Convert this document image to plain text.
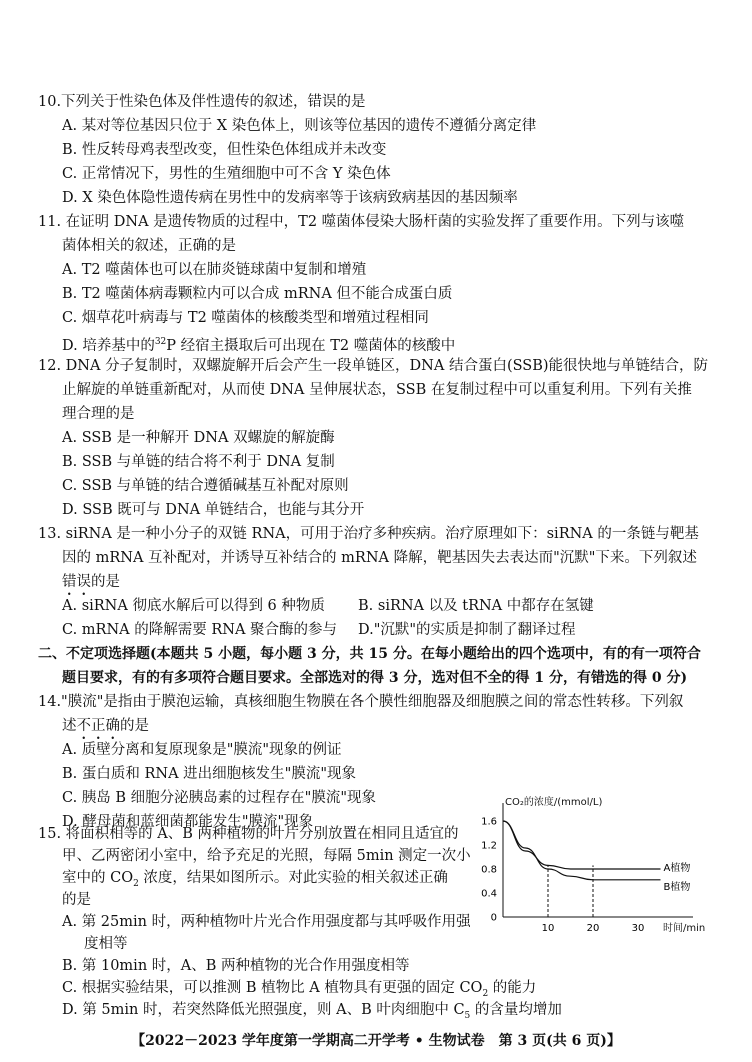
10.下列关于性染色体及伴性遗传的叙述，错误的是
A. 某对等位基因只位于 X 染色体上，则该等位基因的遗传不遵循分离定律
B. 性反转母鸡表型改变，但性染色体组成并未改变
C. 正常情况下，男性的生殖细胞中可不含 Y 染色体
D. X 染色体隐性遗传病在男性中的发病率等于该病致病基因的基因频率
11. 在证明 DNA 是遗传物质的过程中，T2 噬菌体侵染大肠杆菌的实验发挥了重要作用。下列与该噬
菌体相关的叙述，正确的是
A. T2 噬菌体也可以在肺炎链球菌中复制和增殖
B. T2 噬菌体病毒颗粒内可以合成 mRNA 但不能合成蛋白质
C. 烟草花叶病毒与 T2 噬菌体的核酸类型和增殖过程相同
D. 培养基中的$^{32}$P 经宿主摄取后可出现在 T2 噬菌体的核酸中
12. DNA 分子复制时，双螺旋解开后会产生一段单链区，DNA 结合蛋白(SSB)能很快地与单链结合，防
止解旋的单链重新配对，从而使 DNA 呈伸展状态，SSB 在复制过程中可以重复利用。下列有关推
理合理的是
A. SSB 是一种解开 DNA 双螺旋的解旋酶
B. SSB 与单链的结合将不利于 DNA 复制
C. SSB 与单链的结合遵循碱基互补配对原则
D. SSB 既可与 DNA 单链结合，也能与其分开
13. siRNA 是一种小分子的双链 RNA，可用于治疗多种疾病。治疗原理如下：siRNA 的一条链与靶基
因的 mRNA 互补配对，并诱导互补结合的 mRNA 降解，靶基因失去表达而"沉默"下来。下列叙述
错误的是
A. siRNA 彻底水解后可以得到 6 种物质 B. siRNA 以及 tRNA 中都存在氢键
C. mRNA 的降解需要 RNA 聚合酶的参与 D."沉默"的实质是抑制了翻译过程
二、不定项选择题(本题共 5 小题，每小题 3 分，共 15 分。在每小题给出的四个选项中，有的有一项符合
题目要求，有的有多项符合题目要求。全部选对的得 3 分，选对但不全的得 1 分，有错选的得 0 分)
14."膜流"是指由于膜泡运输，真核细胞生物膜在各个膜性细胞器及细胞膜之间的常态性转移。下列叙
述不正确的是
A. 质壁分离和复原现象是"膜流"现象的例证
B. 蛋白质和 RNA 进出细胞核发生"膜流"现象
C. 胰岛 B 细胞分泌胰岛素的过程存在"膜流"现象
D. 酵母菌和蓝细菌都能发生"膜流"现象
15. 将面积相等的 A、B 两种植物的叶片分别放置在相同且适宜的
甲、乙两密闭小室中，给予充足的光照，每隔 5min 测定一次小
室中的 $CO_2$ 浓度，结果如图所示。对此实验的相关叙述正确
的是
A. 第 25min 时，两种植物叶片光合作用强度都与其呼吸作用强
度相等
B. 第 10min 时，A、B 两种植物的光合作用强度相等
CO₂的浓度/(mmol/L)
时间/min
0
0.4
0.8
1.2
1.6
10	20	30
A植物
B植物
C. 根据实验结果，可以推测 B 植物比 A 植物具有更强的固定 $CO_2$ 的能力
【2022－2023 学年度第一学期高二开学考 • 生物试卷　第 3 页(共 6 页)】
D. 第 5min 时，若突然降低光照强度，则 A、B 叶肉细胞中 $C_5$ 的含量均增加
